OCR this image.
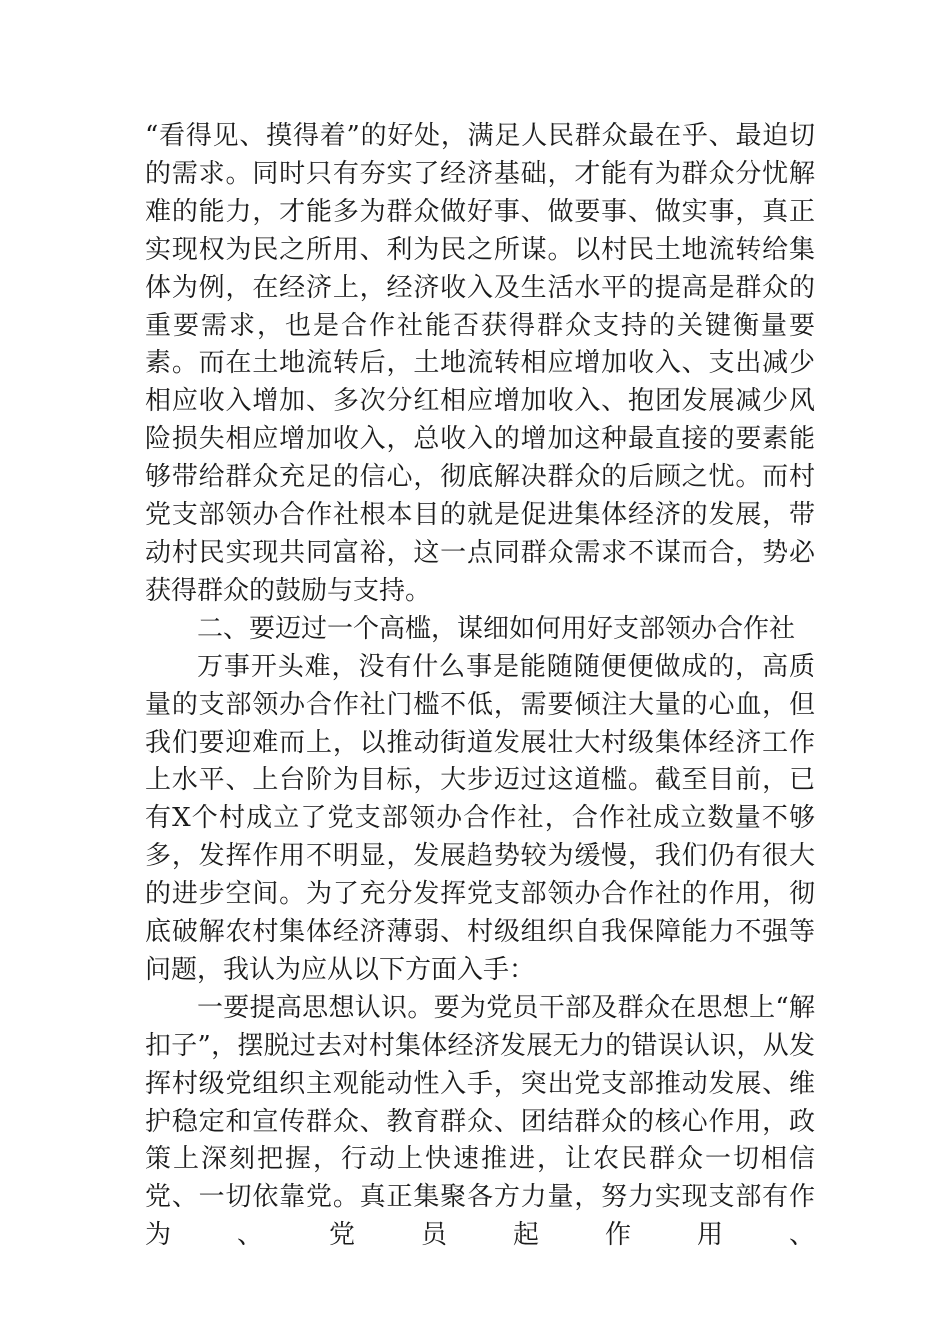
“看得见、摸得着”的好处，满足人民群众最在乎、最迫切的需求。同时只有夯实了经济基础，才能有为群众分忧解难的能力，才能多为群众做好事、做要事、做实事，真正实现权为民之所用、利为民之所谋。以村民土地流转给集体为例，在经济上，经济收入及生活水平的提高是群众的重要需求，也是合作社能否获得群众支持的关键衡量要素。而在土地流转后，土地流转相应增加收入、支出减少相应收入增加、多次分红相应增加收入、抱团发展减少风险损失相应增加收入，总收入的增加这种最直接的要素能够带给群众充足的信心，彻底解决群众的后顾之忧。而村党支部领办合作社根本目的就是促进集体经济的发展，带动村民实现共同富裕，这一点同群众需求不谋而合，势必获得群众的鼓励与支持。

二、要迈过一个高槛，谋细如何用好支部领办合作社

万事开头难，没有什么事是能随随便便做成的，高质量的支部领办合作社门槛不低，需要倾注大量的心血，但我们要迎难而上，以推动街道发展壮大村级集体经济工作上水平、上台阶为目标，大步迈过这道槛。截至目前，已有X个村成立了党支部领办合作社，合作社成立数量不够多，发挥作用不明显，发展趋势较为缓慢，我们仍有很大的进步空间。为了充分发挥党支部领办合作社的作用，彻底破解农村集体经济薄弱、村级组织自我保障能力不强等问题，我认为应从以下方面入手：

一要提高思想认识。要为党员干部及群众在思想上“解扣子”，摆脱过去对村集体经济发展无力的错误认识，从发挥村级党组织主观能动性入手，突出党支部推动发展、维护稳定和宣传群众、教育群众、团结群众的核心作用，政策上深刻把握，行动上快速推进，让农民群众一切相信党、一切依靠党。真正集聚各方力量，努力实现支部有作为、党员起作用、
